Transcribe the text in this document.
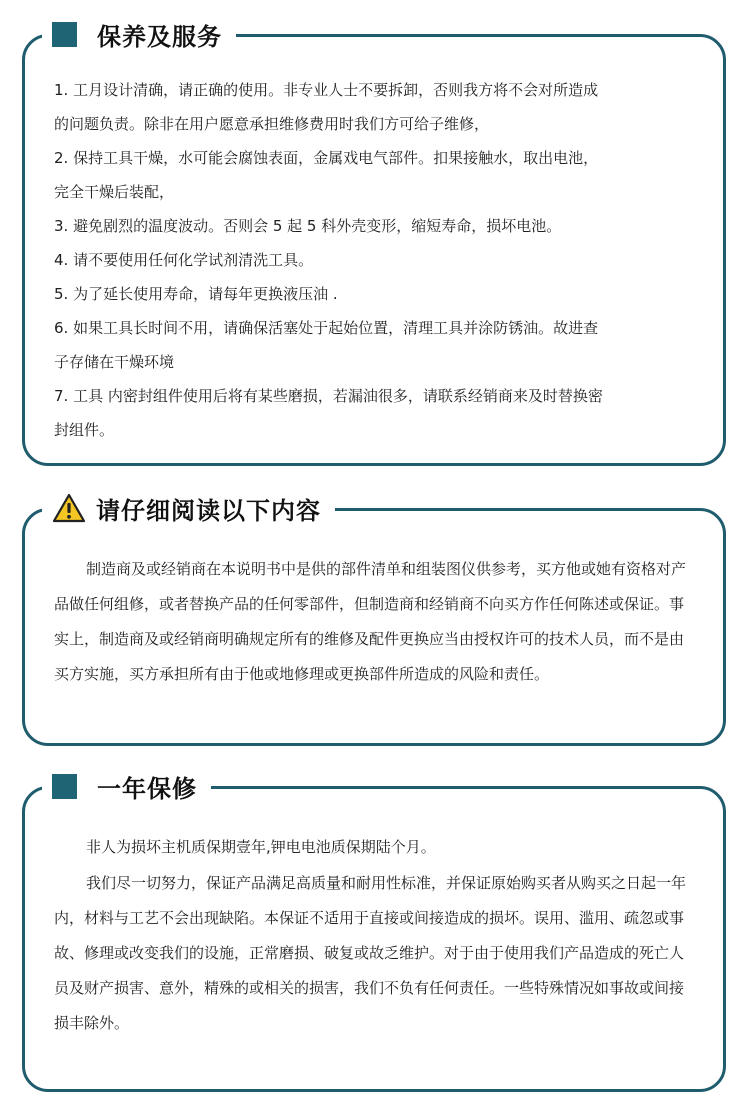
保养及服务
1. 工月设计清确，请正确的使用。非专业人士不要拆卸，否则我方将不会对所造成
的问题负责。除非在用户愿意承担维修费用时我们方可给子维修，
2. 保持工具干燥，水可能会腐蚀表面，金属戏电气部件。扣果接触水，取出电池，
完全干燥后装配，
3. 避免剧烈的温度波动。否则会 5 起 5 科外壳变形，缩短寿命，损坏电池。
4. 请不要使用任何化学试剂清洗工具。
5. 为了延长使用寿命，请每年更换液压油 .
6. 如果工具长时间不用，请确保活塞处于起始位置，清理工具并涂防锈油。故进查
子存储在干燥环境
7. 工具 内密封组件使用后将有某些磨损，若漏油很多，请联系经销商来及时替换密
封组件。
请仔细阅读以下内容
制造商及或经销商在本说明书中是供的部件清单和组装图仪供参考，买方他或她有资格对产品做任何组修，或者替换产品的任何零部件，但制造商和经销商不向买方作任何陈述或保证。事实上，制造商及或经销商明确规定所有的维修及配件更换应当由授权许可的技术人员，而不是由买方实施，买方承担所有由于他或地修理或更换部件所造成的风险和责任。
一年保修
非人为损坏主机质保期壹年,钾电电池质保期陆个月。
我们尽一切努力，保证产品满足高质量和耐用性标准，并保证原始购买者从购买之日起一年内，材料与工艺不会出现缺陷。本保证不适用于直接或间接造成的损坏。误用、滥用、疏忽或事故、修理或改变我们的设施，正常磨损、破复或故乏维护。对于由于使用我们产品造成的死亡人员及财产损害、意外，精殊的或相关的损害，我们不负有任何责任。一些特殊情况如事故或间接损丰除外。
